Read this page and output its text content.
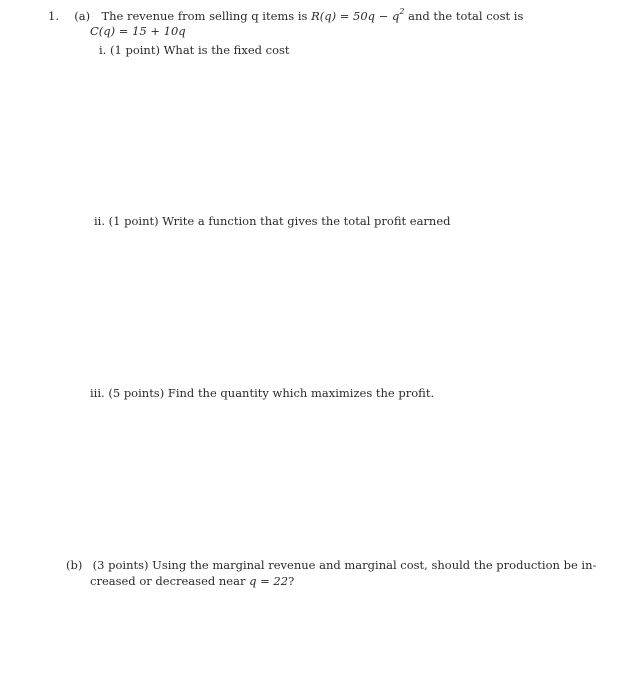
1. (a) The revenue from selling q items is $R(q) = 50q - q^2$ and the total cost is
C(q) = 15 + 10q
i. (1 point) What is the fixed cost
ii. (1 point) Write a function that gives the total profit earned
iii. (5 points) Find the quantity which maximizes the profit.
(b) (3 points) Using the marginal revenue and marginal cost, should the production be in-
creased or decreased near q = 22?
